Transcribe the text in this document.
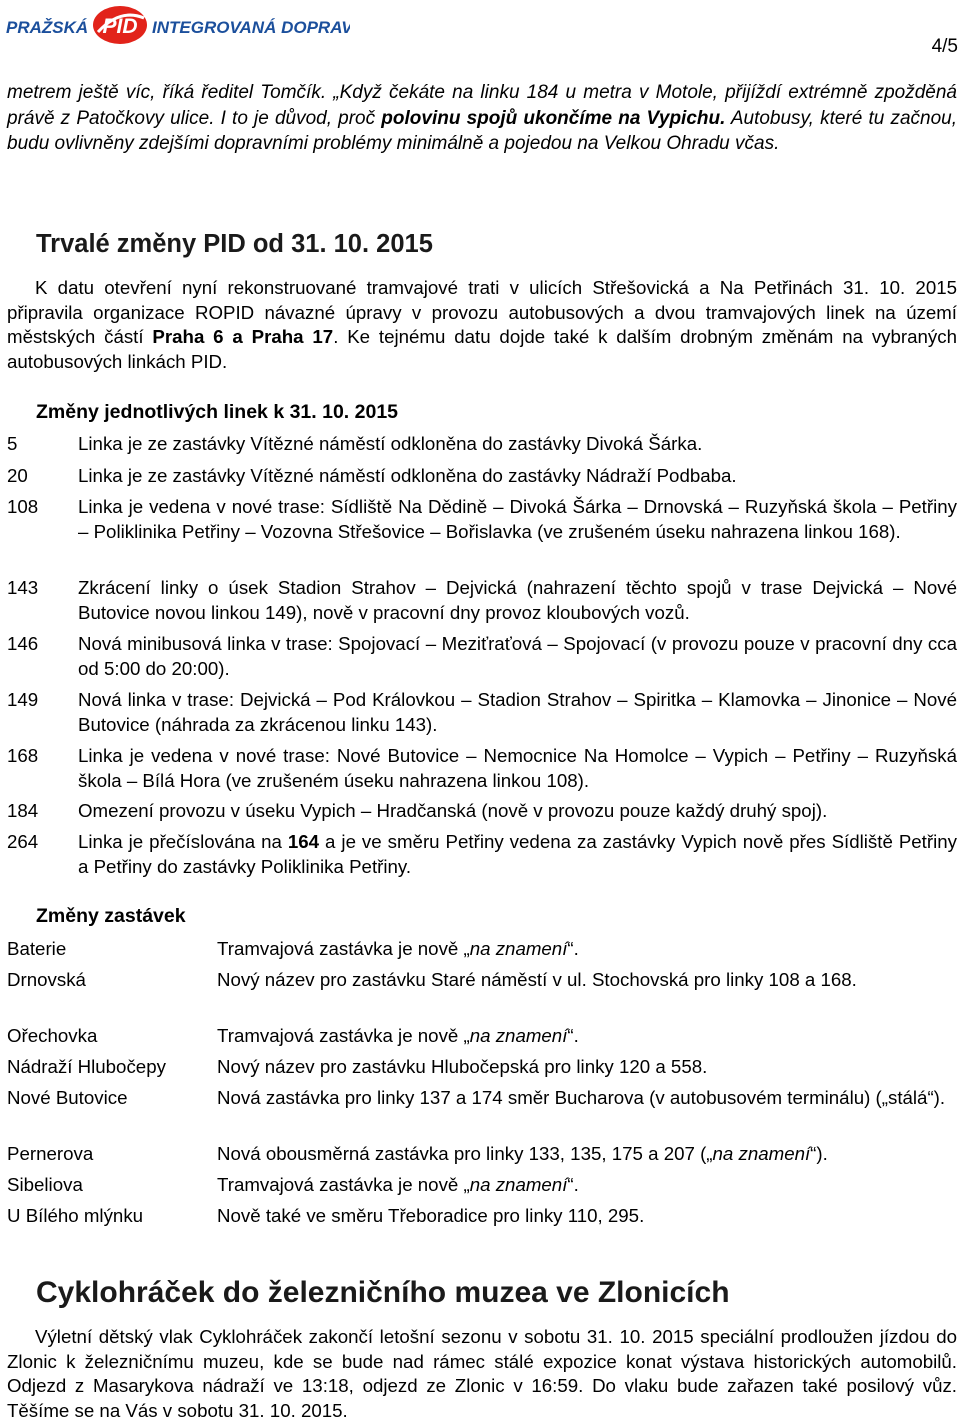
PRAŽSKÁ PID INTEGROVANÁ DOPRAVA
4/5
metrem ještě víc, říká ředitel Tomčík. „Když čekáte na linku 184 u metra v Motole, přijíždí extrémně zpožděná právě z Patočkovy ulice. I to je důvod, proč polovinu spojů ukončíme na Vypichu. Autobusy, které tu začnou, budu ovlivněny zdejšími dopravními problémy minimálně a pojedou na Velkou Ohradu včas.
Trvalé změny PID od 31. 10. 2015
K datu otevření nyní rekonstruované tramvajové trati v ulicích Střešovická a Na Petřinách 31. 10. 2015 připravila organizace ROPID návazné úpravy v provozu autobusových a dvou tramvajových linek na území městských částí Praha 6 a Praha 17. Ke tejnému datu dojde také k dalším drobným změnám na vybraných autobusových linkách PID.
Změny jednotlivých linek k 31. 10. 2015
5	Linka je ze zastávky Vítězné náměstí odkloněna do zastávky Divoká Šárka.
20	Linka je ze zastávky Vítězné náměstí odkloněna do zastávky Nádraží Podbaba.
108	Linka je vedena v nové trase: Sídliště Na Dědině – Divoká Šárka – Drnovská – Ruzyňská škola – Petřiny – Poliklinika Petřiny – Vozovna Střešovice – Bořislavka (ve zrušeném úseku nahrazena linkou 168).
143	Zkrácení linky o úsek Stadion Strahov – Dejvická (nahrazení těchto spojů v trase Dejvická – Nové Butovice novou linkou 149), nově v pracovní dny provoz kloubových vozů.
146	Nová minibusová linka v trase: Spojovací – Meziťraťová – Spojovací (v provozu pouze v pracovní dny cca od 5:00 do 20:00).
149	Nová linka v trase: Dejvická – Pod Královkou – Stadion Strahov – Spiritka – Klamovka – Jinonice – Nové Butovice (náhrada za zkrácenou linku 143).
168	Linka je vedena v nové trase: Nové Butovice – Nemocnice Na Homolce – Vypich – Petřiny – Ruzyňská škola – Bílá Hora (ve zrušeném úseku nahrazena linkou 108).
184	Omezení provozu v úseku Vypich – Hradčanská (nově v provozu pouze každý druhý spoj).
264	Linka je přečíslována na 164 a je ve směru Petřiny vedena za zastávky Vypich nově přes Sídliště Petřiny a Petřiny do zastávky Poliklinika Petřiny.
Změny zastávek
Baterie	Tramvajová zastávka je nově „na znamení“.
Drnovská	Nový název pro zastávku Staré náměstí v ul. Stochovská pro linky 108 a 168.
Ořechovka	Tramvajová zastávka je nově „na znamení“.
Nádraží Hlubočepy	Nový název pro zastávku Hlubočepská pro linky 120 a 558.
Nové Butovice	Nová zastávka pro linky 137 a 174 směr Bucharova (v autobusovém terminálu) („stálá“).
Pernerova	Nová obousměrná zastávka pro linky 133, 135, 175 a 207 („na znamení“).
Sibeliova	Tramvajová zastávka je nově „na znamení“.
U Bílého mlýnku	Nově také ve směru Třeboradice pro linky 110, 295.
Cyklohráček do železničního muzea ve Zlonicích
Výletní dětský vlak Cyklohráček zakončí letošní sezonu v sobotu 31. 10. 2015 speciální prodloužen jízdou do Zlonic k železničnímu muzeu, kde se bude nad rámec stálé expozice konat výstava historických automobilů. Odjezd z Masarykova nádraží ve 13:18, odjezd ze Zlonic v 16:59. Do vlaku bude zařazen také posilový vůz. Těšíme se na Vás v sobotu 31. 10. 2015.
